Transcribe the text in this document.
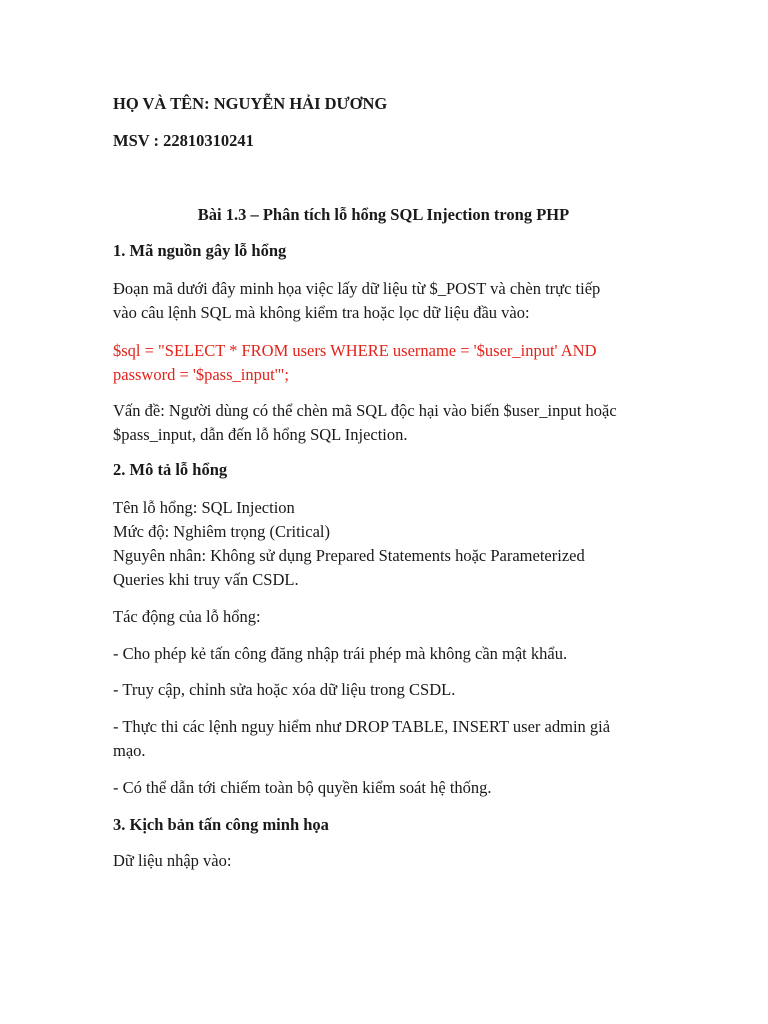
HỌ VÀ TÊN: NGUYỄN HẢI DƯƠNG
MSV : 22810310241
Bài 1.3 – Phân tích lỗ hổng SQL Injection trong PHP
1. Mã nguồn gây lỗ hổng
Đoạn mã dưới đây minh họa việc lấy dữ liệu từ $_POST và chèn trực tiếp
vào câu lệnh SQL mà không kiểm tra hoặc lọc dữ liệu đầu vào:
$sql = "SELECT * FROM users WHERE username = '$user_input' AND
password = '$pass_input'";
Vấn đề: Người dùng có thể chèn mã SQL độc hại vào biến $user_input hoặc
$pass_input, dẫn đến lỗ hổng SQL Injection.
2. Mô tả lỗ hổng
Tên lỗ hổng: SQL Injection
Mức độ: Nghiêm trọng (Critical)
Nguyên nhân: Không sử dụng Prepared Statements hoặc Parameterized
Queries khi truy vấn CSDL.
Tác động của lỗ hổng:
- Cho phép kẻ tấn công đăng nhập trái phép mà không cần mật khẩu.
- Truy cập, chỉnh sửa hoặc xóa dữ liệu trong CSDL.
- Thực thi các lệnh nguy hiểm như DROP TABLE, INSERT user admin giả
mạo.
- Có thể dẫn tới chiếm toàn bộ quyền kiểm soát hệ thống.
3. Kịch bản tấn công minh họa
Dữ liệu nhập vào:
